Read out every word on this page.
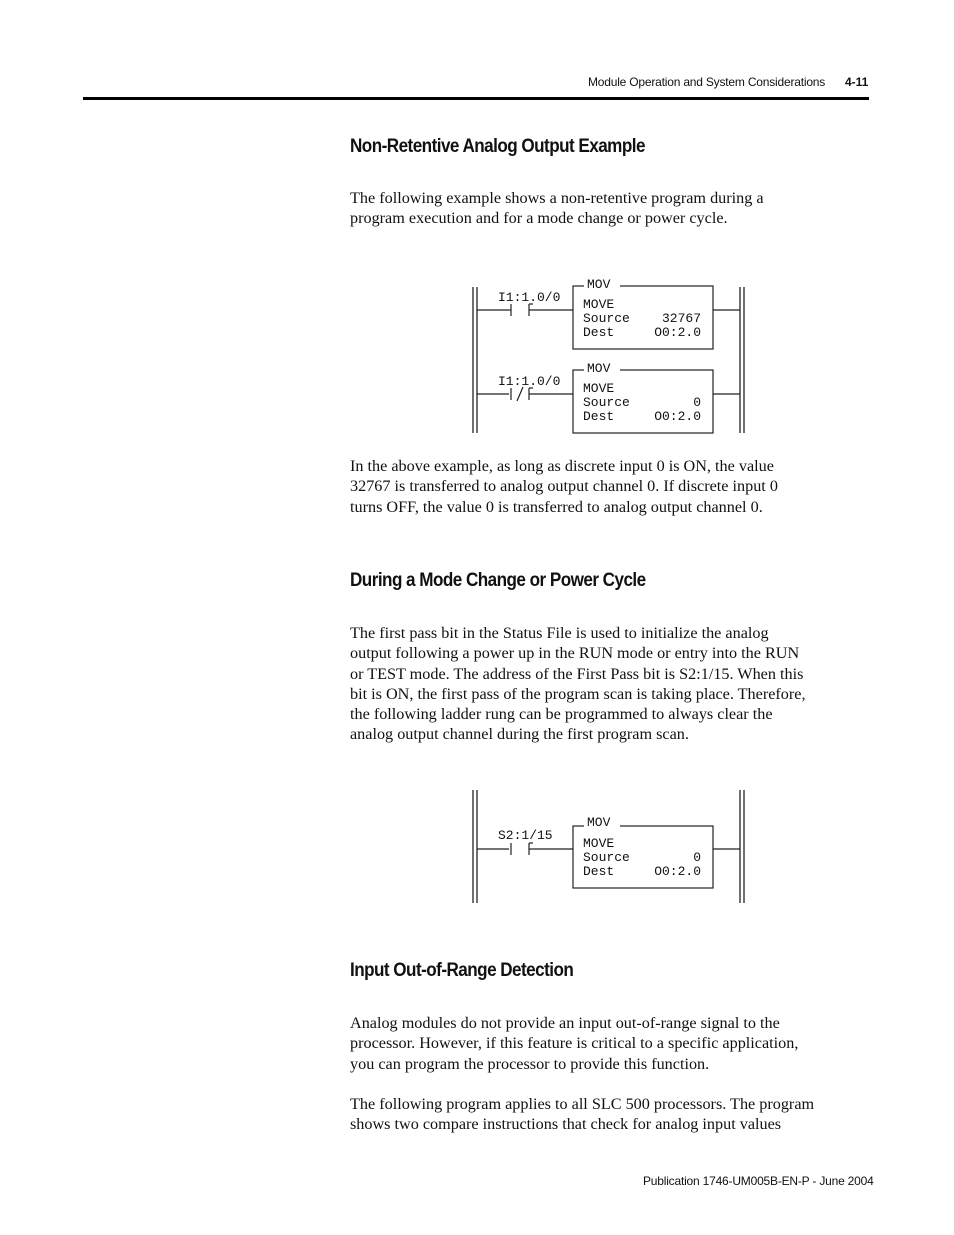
Module Operation and System Considerations 4-11
Non-Retentive Analog Output Example
The following example shows a non-retentive program during a
program execution and for a mode change or power cycle.
I1:1.0/0
MOV
MOVE
Source 32767
Dest	O0:2.0
I1:1.0/0
MOV
MOVE
Source	0
Dest	O0:2.0
In the above example, as long as discrete input 0 is ON, the value
32767 is transferred to analog output channel 0. If discrete input 0
turns OFF, the value 0 is transferred to analog output channel 0.
During a Mode Change or Power Cycle
The first pass bit in the Status File is used to initialize the analog
output following a power up in the RUN mode or entry into the RUN
or TEST mode. The address of the First Pass bit is S2:1/15. When this
bit is ON, the first pass of the program scan is taking place. Therefore,
the following ladder rung can be programmed to always clear the
analog output channel during the first program scan.
S2:1/15
MOV
MOVE
Source	0
Dest	O0:2.0
Input Out-of-Range Detection
Analog modules do not provide an input out-of-range signal to the
processor. However, if this feature is critical to a specific application,
you can program the processor to provide this function.
The following program applies to all SLC 500 processors. The program
shows two compare instructions that check for analog input values
Publication 1746-UM005B-EN-P - June 2004
